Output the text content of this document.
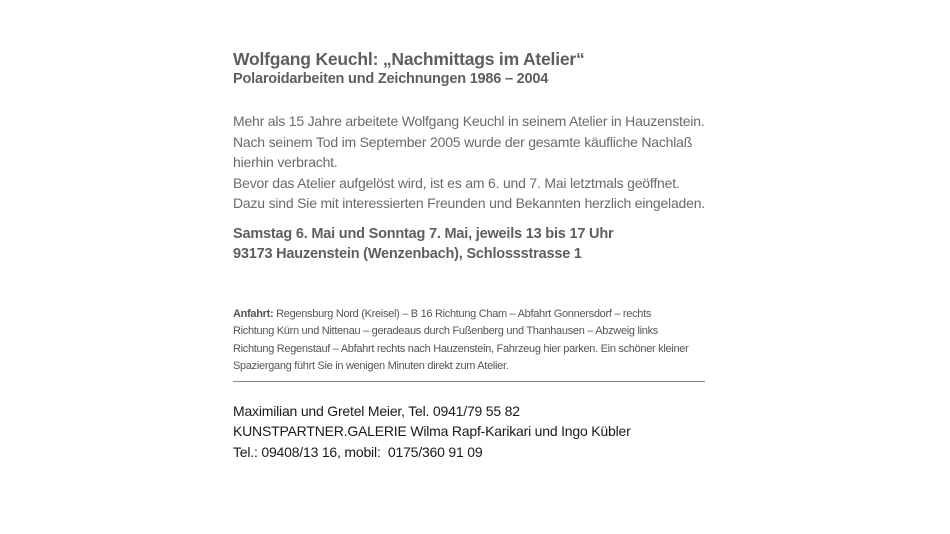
Wolfgang Keuchl: „Nachmittags im Atelier“
Polaroidarbeiten und Zeichnungen 1986 – 2004
Mehr als 15 Jahre arbeitete Wolfgang Keuchl in seinem Atelier in Hauzenstein.
Nach seinem Tod im September 2005 wurde der gesamte käufliche Nachlaß
hierhin verbracht.
Bevor das Atelier aufgelöst wird, ist es am 6. und 7. Mai letztmals geöffnet.
Dazu sind Sie mit interessierten Freunden und Bekannten herzlich eingeladen.
Samstag 6. Mai und Sonntag 7. Mai, jeweils 13 bis 17 Uhr
93173 Hauzenstein (Wenzenbach), Schlossstrasse 1
Anfahrt: Regensburg Nord (Kreisel) – B 16 Richtung Cham – Abfahrt Gonnersdorf – rechts
Richtung Kürn und Nittenau – geradeaus durch Fußenberg und Thanhausen – Abzweig links
Richtung Regenstauf – Abfahrt rechts nach Hauzenstein, Fahrzeug hier parken. Ein schöner kleiner
Spaziergang führt Sie in wenigen Minuten direkt zum Atelier.
Maximilian und Gretel Meier, Tel. 0941/79 55 82
KUNSTPARTNER.GALERIE Wilma Rapf-Karikari und Ingo Kübler
Tel.: 09408/13 16, mobil:  0175/360 91 09
